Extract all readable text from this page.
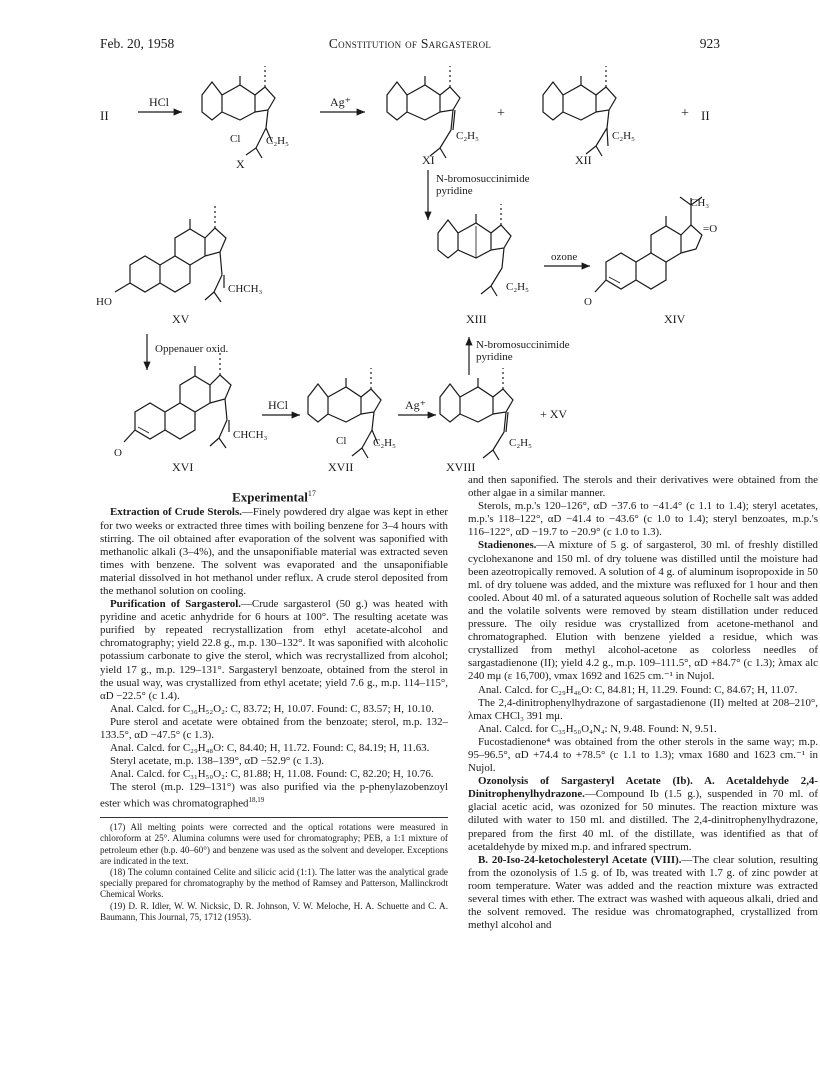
Feb. 20, 1958	Constitution of Sargasterol	923
II
HCl
Cl C₂H₅
X
Ag⁺
C₂H₅
XI
+
C₂H₅
XII
+ II
N-bromosuccinimide
pyridine
CHCH₃
HO
XV
C₂H₅
XIII
ozone
CH₃
=O
O
XIV
Oppenauer oxid.	N-bromosuccinimide
pyridine
CHCH₃
O
HCl
Cl C₂H₅
Ag⁺
C₂H₅
+ XV
XVI	XVII	XVIII

Experimental$^{17}$

Extraction of Crude Sterols.—Finely powdered dry algae was kept in ether for two weeks or extracted three times with boiling benzene for 3–4 hours with stirring. The oil obtained after evaporation of the solvent was saponified with methanolic alkali (3–4%), and the unsaponifiable material was extracted seven times with benzene. The solvent was evaporated and the unsaponifiable material dissolved in hot methanol under reflux. A crude sterol deposited from the methanol solution on cooling.

Purification of Sargasterol.—Crude sargasterol (50 g.) was heated with pyridine and acetic anhydride for 6 hours at 100°. The resulting acetate was purified by repeated recrystallization from ethyl acetate-alcohol and chromatography; yield 22.8 g., m.p. 130–132°. It was saponified with alcoholic potassium carbonate to give the sterol, which was recrystallized from alcohol; yield 17 g., m.p. 129–131°. Sargasteryl benzoate, obtained from the sterol in the usual way, was crystallized from ethyl acetate; yield 7.6 g., m.p. 114–115°, αD −22.5° (c 1.4).

Anal. Calcd. for C₃₆H₅₂O₂: C, 83.72; H, 10.07. Found: C, 83.57; H, 10.10.

Pure sterol and acetate were obtained from the benzoate; sterol, m.p. 132–133.5°, αD −47.5° (c 1.3).

Anal. Calcd. for C₂₉H₄₈O: C, 84.40; H, 11.72. Found: C, 84.19; H, 11.63.

Steryl acetate, m.p. 138–139°, αD −52.9° (c 1.3).

Anal. Calcd. for C₃₁H₅₀O₂: C, 81.88; H, 11.08. Found: C, 82.20; H, 10.76.

The sterol (m.p. 129–131°) was also purified via the p-phenylazobenzoyl ester which was chromatographed$^{18,19}$

(17) All melting points were corrected and the optical rotations were measured in chloroform at 25°. Alumina columns were used for chromatography; PEB, a 1:1 mixture of petroleum ether (b.p. 40–60°) and benzene was used as the solvent and developer. Exceptions are indicated in the text.

(18) The column contained Celite and silicic acid (1:1). The latter was the analytical grade specially prepared for chromatography by the method of Ramsey and Patterson, Mallinckrodt Chemical Works.

(19) D. R. Idler, W. W. Nicksic, D. R. Johnson, V. W. Meloche, H. A. Schuette and C. A. Baumann, This Journal, 75, 1712 (1953).

and then saponified. The sterols and their derivatives were obtained from the other algae in a similar manner.

Sterols, m.p.'s 120–126°, αD −37.6 to −41.4° (c 1.1 to 1.4); steryl acetates, m.p.'s 118–122°, αD −41.4 to −43.6° (c 1.0 to 1.4); steryl benzoates, m.p.'s 116–122°, αD −19.7 to −20.9° (c 1.0 to 1.3).

Stadienones.—A mixture of 5 g. of sargasterol, 30 ml. of freshly distilled cyclohexanone and 150 ml. of dry toluene was distilled until the moisture had been azeotropically removed. A solution of 4 g. of aluminum isopropoxide in 50 ml. of dry toluene was added, and the mixture was refluxed for 1 hour and then cooled. About 40 ml. of a saturated aqueous solution of Rochelle salt was added and the volatile solvents were removed by steam distillation under reduced pressure. The oily residue was crystallized from acetone-methanol and chromatographed. Elution with benzene yielded a residue, which was crystallized from methyl alcohol-acetone as colorless needles of sargastadienone (II); yield 4.2 g., m.p. 109–111.5°, αD +84.7° (c 1.3); λmax alc 240 mμ (ε 16,700), νmax 1692 and 1625 cm.⁻¹ in Nujol.

Anal. Calcd. for C₂₉H₄₆O: C, 84.81; H, 11.29. Found: C, 84.67; H, 11.07.

The 2,4-dinitrophenylhydrazone of sargastadienone (II) melted at 208–210°, λmax CHCl₃ 391 mμ.

Anal. Calcd. for C₃₅H₅₀O₄N₄: N, 9.48. Found: N, 9.51.

Fucostadienone⁴ was obtained from the other sterols in the same way; m.p. 95–96.5°, αD +74.4 to +78.5° (c 1.1 to 1.3); νmax 1680 and 1623 cm.⁻¹ in Nujol.

Ozonolysis of Sargasteryl Acetate (Ib). A. Acetaldehyde 2,4-Dinitrophenylhydrazone.—Compound Ib (1.5 g.), suspended in 70 ml. of glacial acetic acid, was ozonized for 50 minutes. The reaction mixture was diluted with water to 150 ml. and distilled. The 2,4-dinitrophenylhydrazone, prepared from the first 40 ml. of the distillate, was identified as that of acetaldehyde by mixed m.p. and infrared spectrum.

B. 20-Iso-24-ketocholesteryl Acetate (VIII).—The clear solution, resulting from the ozonolysis of 1.5 g. of Ib, was treated with 1.7 g. of zinc powder at room temperature. Water was added and the reaction mixture was extracted several times with ether. The extract was washed with aqueous alkali, dried and the solvent removed. The residue was chromatographed, crystallized from methyl alcohol and
